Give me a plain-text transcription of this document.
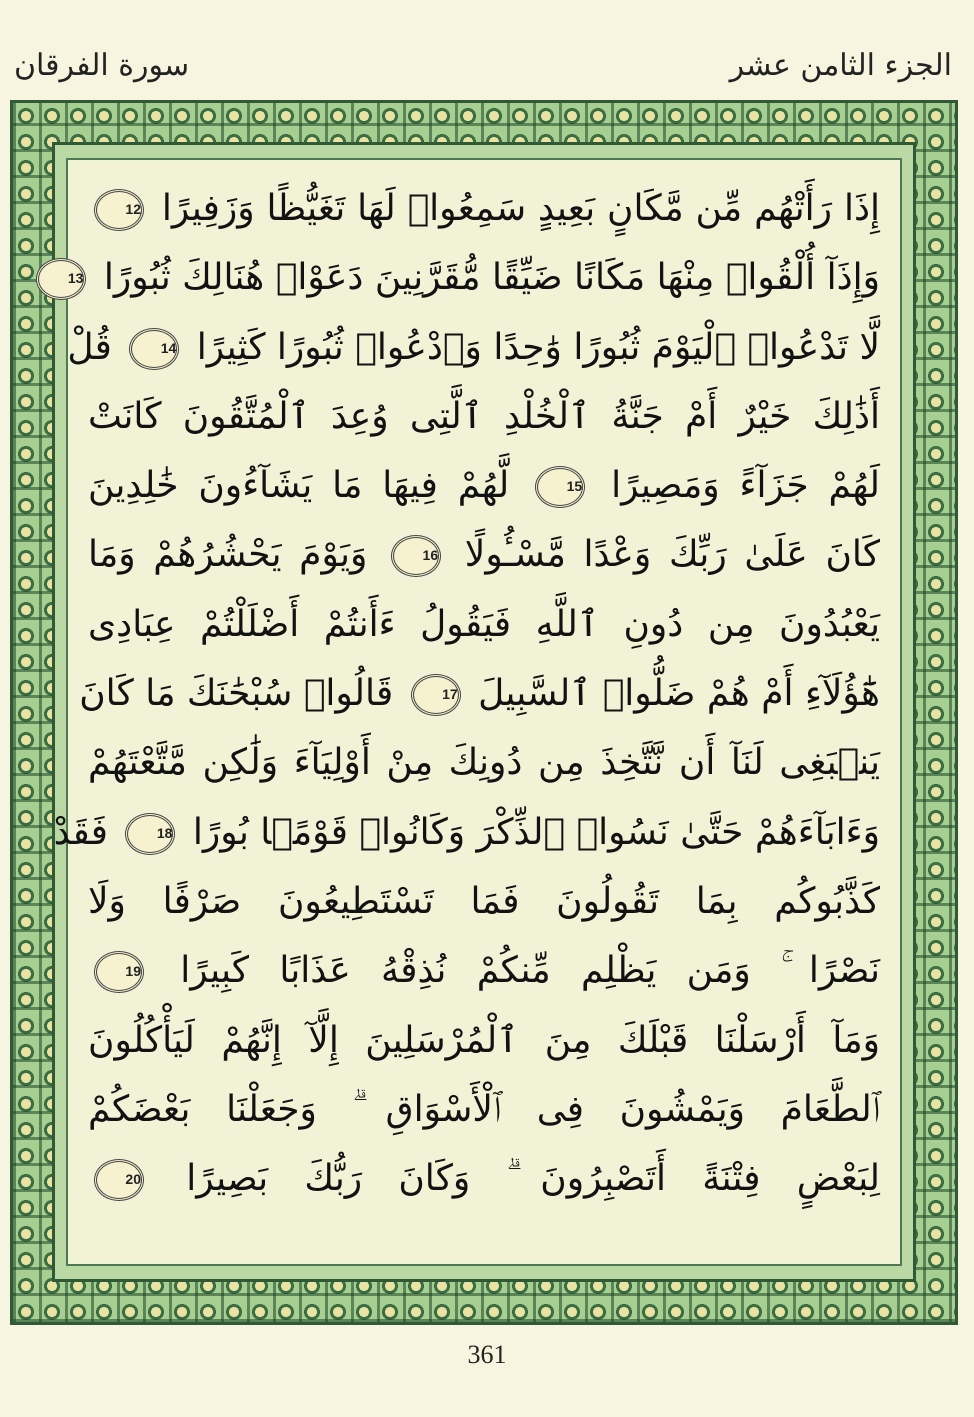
سورة الفرقان	الجزء الثامن عشر
إِذَا رَأَتْهُم مِّن مَّكَانٍ بَعِيدٍ سَمِعُوا۟ لَهَا تَغَيُّظًا وَزَفِيرًا 12
وَإِذَآ أُلْقُوا۟ مِنْهَا مَكَانًا ضَيِّقًا مُّقَرَّنِينَ دَعَوْا۟ هُنَالِكَ ثُبُورًا 13
لَّا تَدْعُوا۟ ٱلْيَوْمَ ثُبُورًا وَٰحِدًا وَٱدْعُوا۟ ثُبُورًا كَثِيرًا 14 قُلْ
أَذَٰلِكَ خَيْرٌ أَمْ جَنَّةُ ٱلْخُلْدِ ٱلَّتِى وُعِدَ ٱلْمُتَّقُونَ كَانَتْ
لَهُمْ جَزَآءً وَمَصِيرًا 15 لَّهُمْ فِيهَا مَا يَشَآءُونَ خَٰلِدِينَ
كَانَ عَلَىٰ رَبِّكَ وَعْدًا مَّسْـُٔولًا 16 وَيَوْمَ يَحْشُرُهُمْ وَمَا
يَعْبُدُونَ مِن دُونِ ٱللَّهِ فَيَقُولُ ءَأَنتُمْ أَضْلَلْتُمْ عِبَادِى
هَٰٓؤُلَآءِ أَمْ هُمْ ضَلُّوا۟ ٱلسَّبِيلَ 17 قَالُوا۟ سُبْحَٰنَكَ مَا كَانَ
يَنۢبَغِى لَنَآ أَن نَّتَّخِذَ مِن دُونِكَ مِنْ أَوْلِيَآءَ وَلَٰكِن مَّتَّعْتَهُمْ
وَءَابَآءَهُمْ حَتَّىٰ نَسُوا۟ ٱلذِّكْرَ وَكَانُوا۟ قَوْمًۢا بُورًا 18 فَقَدْ
كَذَّبُوكُم بِمَا تَقُولُونَ فَمَا تَسْتَطِيعُونَ صَرْفًا وَلَا
نَصْرًا ۚ وَمَن يَظْلِم مِّنكُمْ نُذِقْهُ عَذَابًا كَبِيرًا 19
وَمَآ أَرْسَلْنَا قَبْلَكَ مِنَ ٱلْمُرْسَلِينَ إِلَّآ إِنَّهُمْ لَيَأْكُلُونَ
ٱلطَّعَامَ وَيَمْشُونَ فِى ٱلْأَسْوَاقِ ۗ وَجَعَلْنَا بَعْضَكُمْ
لِبَعْضٍ فِتْنَةً أَتَصْبِرُونَ ۗ وَكَانَ رَبُّكَ بَصِيرًا 20
361
